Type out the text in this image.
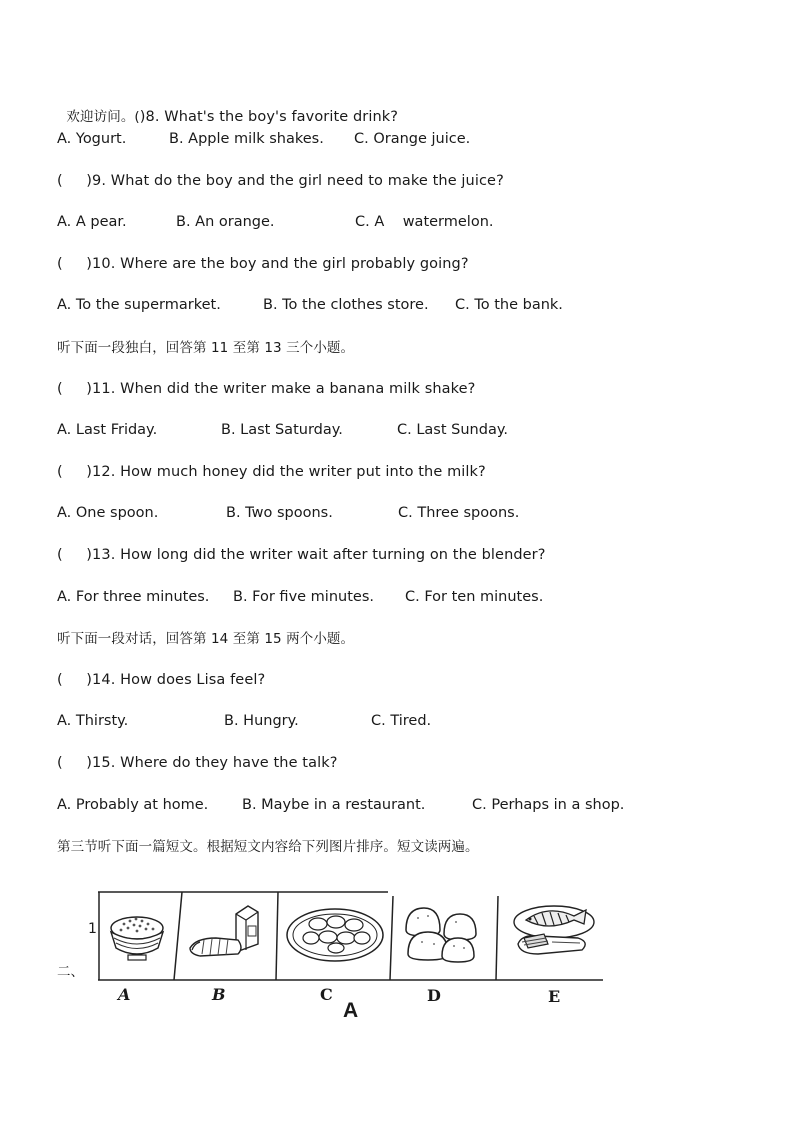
欢迎访问。()8. What's the boy's favorite drink?

A. Yogurt.	B. Apple milk shakes. C. Orange juice.
(     )9. What do the boy and the girl need to make the juice?
A. A pear.	B. An orange.	C. A    watermelon.
(     )10. Where are the boy and the girl probably going?
A. To the supermarket.	B. To the clothes store. C. To the bank.
听下面一段独白，回答第 11 至第 13 三个小题。
(     )11. When did the writer make a banana milk shake?
A. Last Friday.	B. Last Saturday.	C. Last Sunday.
(     )12. How much honey did the writer put into the milk?
A. One spoon.	B. Two spoons.	C. Three spoons.
(     )13. How long did the writer wait after turning on the blender?
A. For three minutes. B. For five minutes. C. For ten minutes.
听下面一段对话，回答第 14 至第 15 两个小题。
(     )14. How does Lisa feel?
A. Thirsty.	B. Hungry.	C. Tired.
(     )15. Where do they have the talk?
A. Probably at home. B. Maybe in a restaurant.	C. Perhaps in a shop.
第三节听下面一篇短文。根据短文内容给下列图片排序。短文读两遍。
1
二、
A	B	C	D	E
A
